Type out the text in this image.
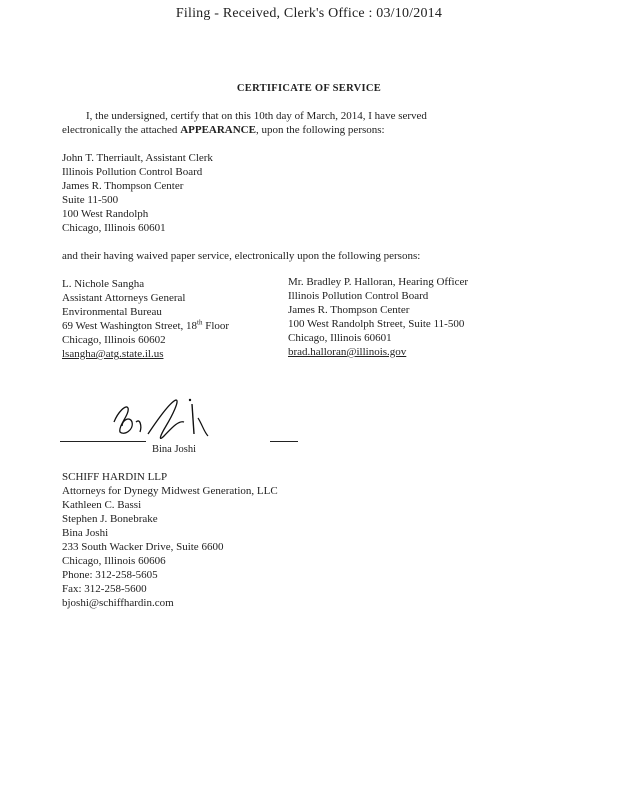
Filing - Received, Clerk's Office : 03/10/2014
CERTIFICATE OF SERVICE
I, the undersigned, certify that on this 10th day of March, 2014, I have served
electronically the attached APPEARANCE, upon the following persons:
John T. Therriault, Assistant Clerk
Illinois Pollution Control Board
James R. Thompson Center
Suite 11-500
100 West Randolph
Chicago, Illinois 60601
and their having waived paper service, electronically upon the following persons:
L. Nichole Sangha
Assistant Attorneys General
Environmental Bureau
69 West Washington Street, 18th Floor
Chicago, Illinois 60602
lsangha@atg.state.il.us
Mr. Bradley P. Halloran, Hearing Officer
Illinois Pollution Control Board
James R. Thompson Center
100 West Randolph Street, Suite 11-500
Chicago, Illinois 60601
brad.halloran@illinois.gov
Bina Joshi
SCHIFF HARDIN LLP
Attorneys for Dynegy Midwest Generation, LLC
Kathleen C. Bassi
Stephen J. Bonebrake
Bina Joshi
233 South Wacker Drive, Suite 6600
Chicago, Illinois 60606
Phone: 312-258-5605
Fax: 312-258-5600
bjoshi@schiffhardin.com
